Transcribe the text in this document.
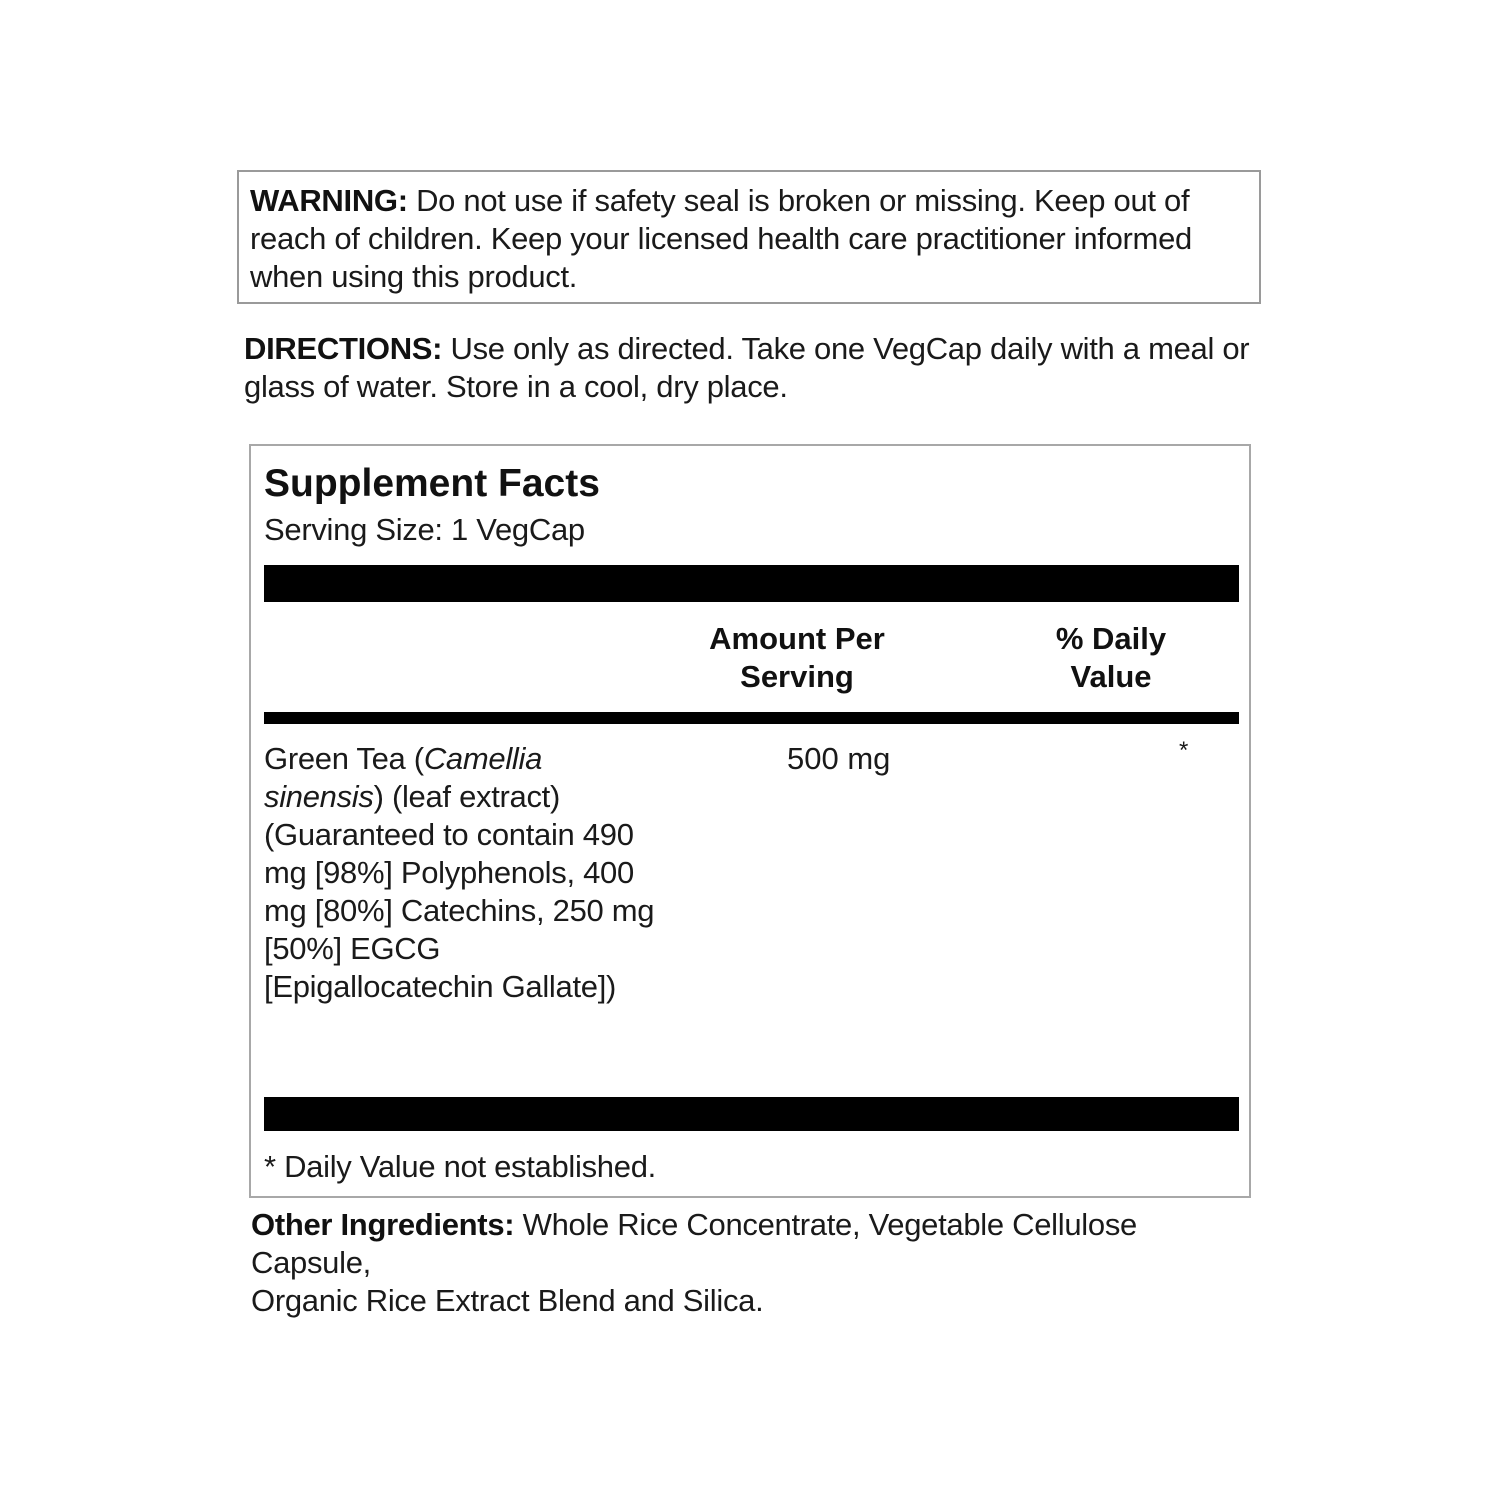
WARNING: Do not use if safety seal is broken or missing. Keep out of reach of children. Keep your licensed health care practitioner informed when using this product.
DIRECTIONS: Use only as directed. Take one VegCap daily with a meal or glass of water. Store in a cool, dry place.
Supplement Facts
Serving Size: 1 VegCap
Amount Per
Serving
% Daily
Value
Green Tea (Camellia sinensis) (leaf extract) (Guaranteed to contain 490 mg [98%] Polyphenols, 400 mg [80%] Catechins, 250 mg [50%] EGCG [Epigallocatechin Gallate])
500 mg	*
* Daily Value not established.
Other Ingredients: Whole Rice Concentrate, Vegetable Cellulose Capsule,
Organic Rice Extract Blend and Silica.
